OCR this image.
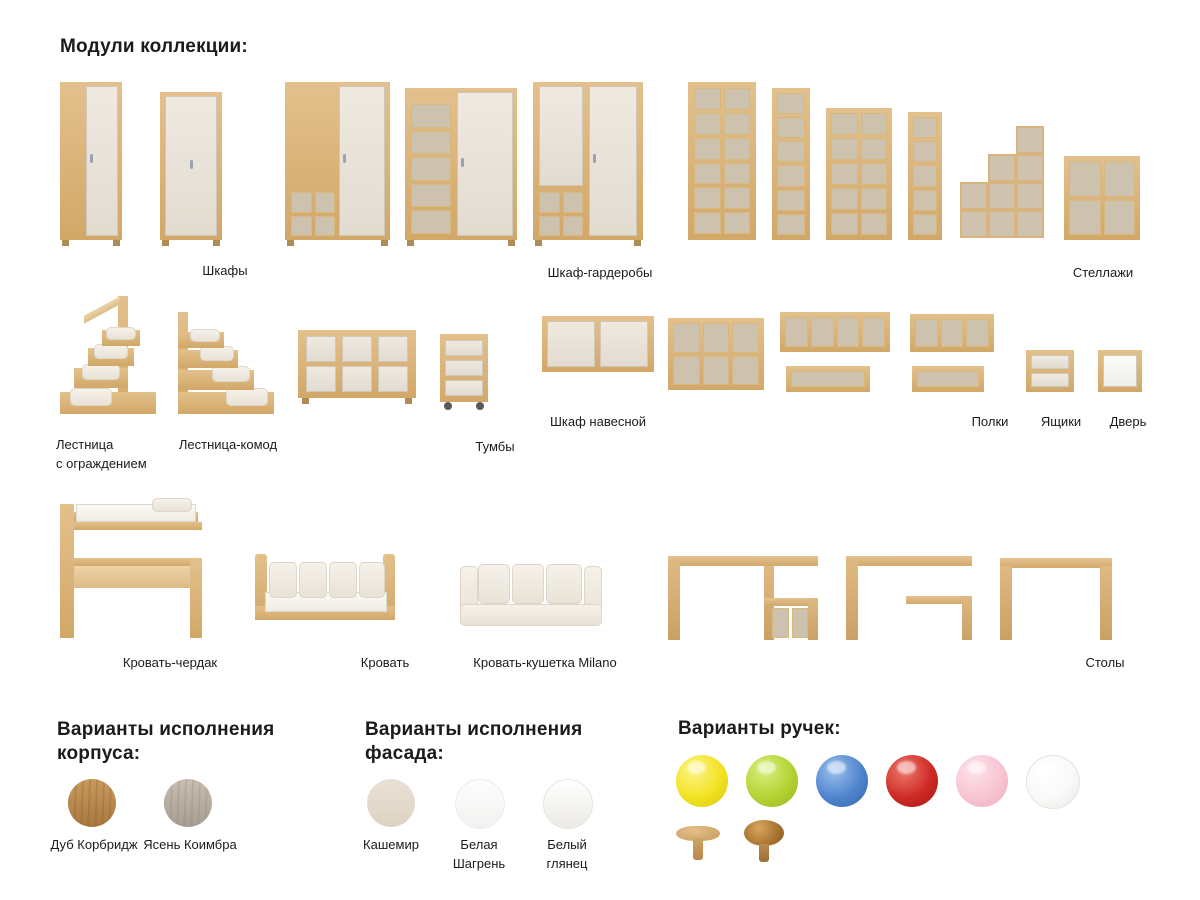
Модули коллекции:
Шкафы	Шкаф-гардеробы	Стеллажи
Лестница
с ограждением
Лестница-комод	Тумбы
Шкаф навесной	Полки	Ящики	Дверь
Кровать-чердак	Кровать	Кровать-кушетка Milano	Столы
Варианты исполнения корпуса:
Дуб Корбридж Ясень Коимбра
Варианты исполнения фасада:
Кашемир	Белая
Шагрень
Белый
глянец
Варианты ручек:
